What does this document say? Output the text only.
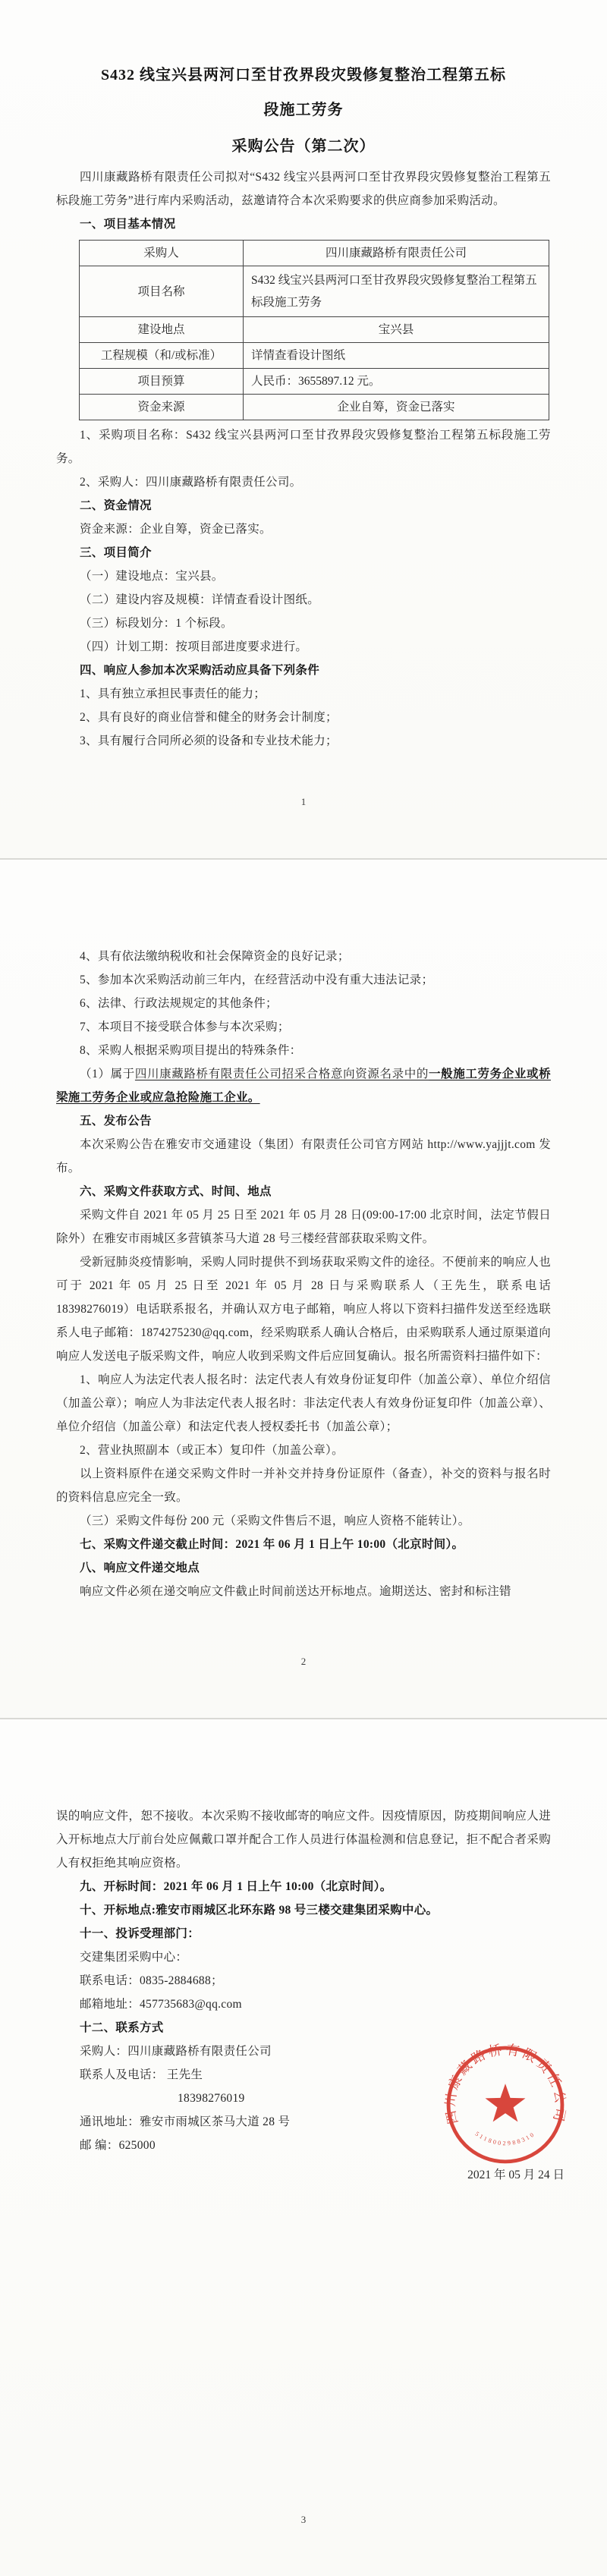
S432 线宝兴县两河口至甘孜界段灾毁修复整治工程第五标

段施工劳务

采购公告（第二次）

四川康藏路桥有限责任公司拟对“S432 线宝兴县两河口至甘孜界段灾毁修复整治工程第五标段施工劳务”进行库内采购活动，兹邀请符合本次采购要求的供应商参加采购活动。

一、项目基本情况

采购人	四川康藏路桥有限责任公司
项目名称	S432 线宝兴县两河口至甘孜界段灾毁修复整治工程第五标段施工劳务
建设地点	宝兴县
工程规模（和/或标准）	详情查看设计图纸
项目预算	人民币：3655897.12 元。
资金来源	企业自筹，资金已落实

1、采购项目名称：S432 线宝兴县两河口至甘孜界段灾毁修复整治工程第五标段施工劳务。

2、采购人：四川康藏路桥有限责任公司。

二、资金情况

资金来源：企业自筹，资金已落实。

三、项目简介

（一）建设地点：宝兴县。

（二）建设内容及规模：详情查看设计图纸。

（三）标段划分：1 个标段。

（四）计划工期：按项目部进度要求进行。

四、响应人参加本次采购活动应具备下列条件

1、具有独立承担民事责任的能力；

2、具有良好的商业信誉和健全的财务会计制度；

3、具有履行合同所必须的设备和专业技术能力；

1

4、具有依法缴纳税收和社会保障资金的良好记录；

5、参加本次采购活动前三年内，在经营活动中没有重大违法记录；

6、法律、行政法规规定的其他条件；

7、本项目不接受联合体参与本次采购；

8、采购人根据采购项目提出的特殊条件：

（1）属于四川康藏路桥有限责任公司招采合格意向资源名录中的一般施工劳务企业或桥梁施工劳务企业或应急抢险施工企业。

五、发布公告

本次采购公告在雅安市交通建设（集团）有限责任公司官方网站 http://www.yajjjt.com 发布。

六、采购文件获取方式、时间、地点

采购文件自 2021 年 05 月 25 日至 2021 年 05 月 28 日(09:00-17:00 北京时间，法定节假日除外）在雅安市雨城区多营镇茶马大道 28 号三楼经营部获取采购文件。

受新冠肺炎疫情影响，采购人同时提供不到场获取采购文件的途径。不便前来的响应人也可于 2021 年 05 月 25 日至 2021 年 05 月 28 日与采购联系人（王先生，联系电话 18398276019）电话联系报名，并确认双方电子邮箱，响应人将以下资料扫描件发送至经选联系人电子邮箱：1874275230@qq.com，经采购联系人确认合格后，由采购联系人通过原渠道向响应人发送电子版采购文件，响应人收到采购文件后应回复确认。报名所需资料扫描件如下：

1、响应人为法定代表人报名时：法定代表人有效身份证复印件（加盖公章）、单位介绍信（加盖公章）；响应人为非法定代表人报名时：非法定代表人有效身份证复印件（加盖公章）、单位介绍信（加盖公章）和法定代表人授权委托书（加盖公章）；

2、营业执照副本（或正本）复印件（加盖公章）。

以上资料原件在递交采购文件时一并补交并持身份证原件（备查），补交的资料与报名时的资料信息应完全一致。

（三）采购文件每份 200 元（采购文件售后不退，响应人资格不能转让）。

七、采购文件递交截止时间：2021 年 06 月 1 日上午 10:00（北京时间）。

八、响应文件递交地点

响应文件必须在递交响应文件截止时间前送达开标地点。逾期送达、密封和标注错

2

误的响应文件，恕不接收。本次采购不接收邮寄的响应文件。因疫情原因，防疫期间响应人进入开标地点大厅前台处应佩戴口罩并配合工作人员进行体温检测和信息登记，拒不配合者采购人有权拒绝其响应资格。

九、开标时间：2021 年 06 月 1 日上午 10:00（北京时间）。

十、开标地点:雅安市雨城区北环东路 98 号三楼交建集团采购中心。

十一、投诉受理部门：

交建集团采购中心：

联系电话：0835-2884688；

邮箱地址：457735683@qq.com

十二、联系方式

采购人：四川康藏路桥有限责任公司

联系人及电话： 王先生

18398276019

通讯地址：雅安市雨城区茶马大道 28 号

邮 编：625000

四川康藏路桥有限责任公司
5118002988310
2021 年 05 月 24 日
3
